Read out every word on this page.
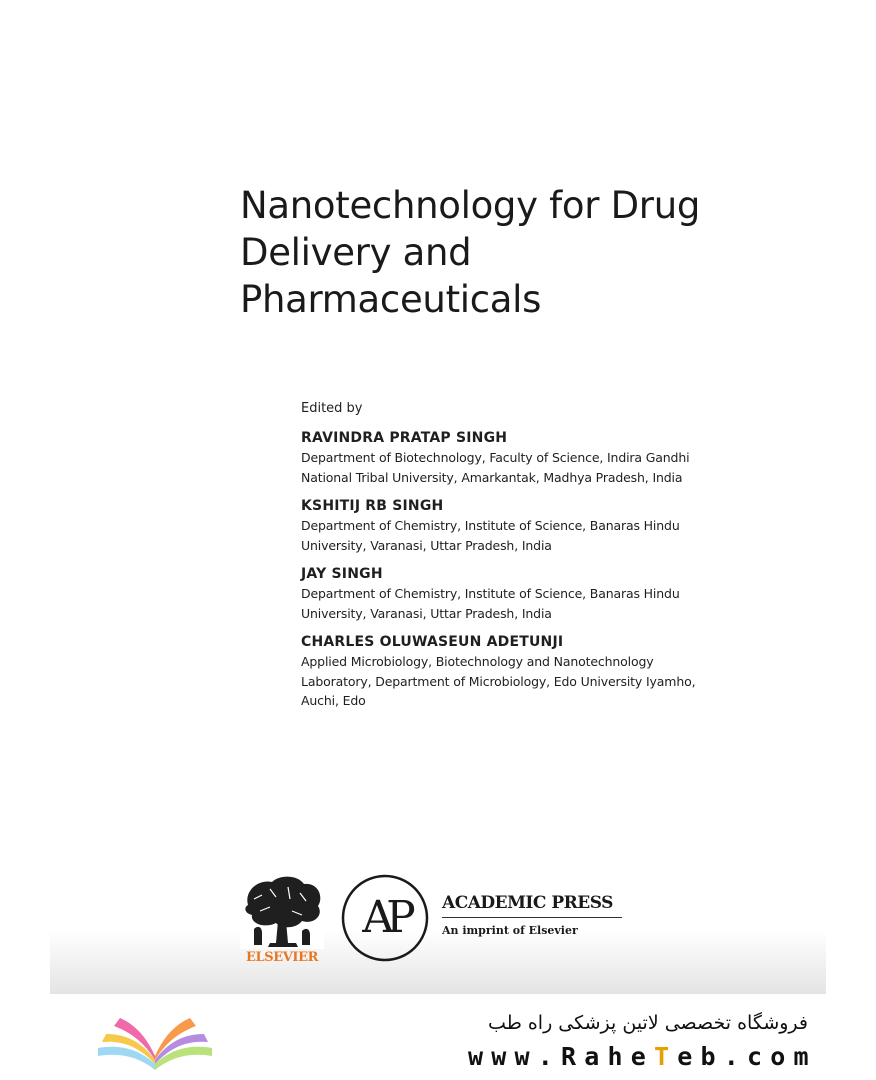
Nanotechnology for Drug
Delivery and
Pharmaceuticals
Edited by
RAVINDRA PRATAP SINGH
Department of Biotechnology, Faculty of Science, Indira Gandhi
National Tribal University, Amarkantak, Madhya Pradesh, India
KSHITIJ RB SINGH
Department of Chemistry, Institute of Science, Banaras Hindu
University, Varanasi, Uttar Pradesh, India
JAY SINGH
Department of Chemistry, Institute of Science, Banaras Hindu
University, Varanasi, Uttar Pradesh, India
CHARLES OLUWASEUN ADETUNJI
Applied Microbiology, Biotechnology and Nanotechnology
Laboratory, Department of Microbiology, Edo University Iyamho,
Auchi, Edo
ELSEVIER
AP	ACADEMIC PRESS
An imprint of Elsevier
فروشگاه تخصصی لاتین پزشکی راه طب
www.RaheTeb.com
